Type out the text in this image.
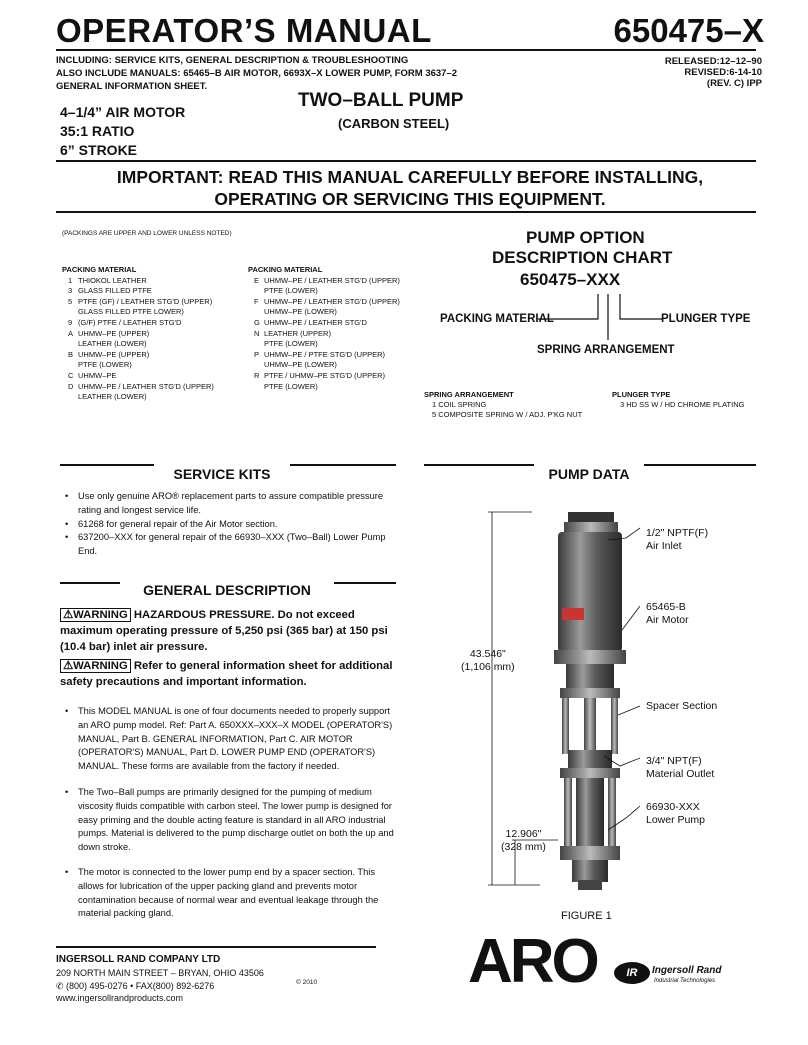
OPERATOR’S MANUAL	650475–X
INCLUDING: SERVICE KITS, GENERAL DESCRIPTION & TROUBLESHOOTING
ALSO INCLUDE MANUALS: 65465–B AIR MOTOR, 6693X–X LOWER PUMP, FORM 3637–2
GENERAL INFORMATION SHEET.
RELEASED:12–12–90
REVISED:6-14-10
(REV. C) IPP
4–1/4” AIR MOTOR
35:1 RATIO
6” STROKE
TWO–BALL PUMP
(CARBON STEEL)
IMPORTANT: READ THIS MANUAL CAREFULLY BEFORE INSTALLING,
OPERATING OR SERVICING THIS EQUIPMENT.
(PACKINGS ARE UPPER AND LOWER UNLESS NOTED)
PACKING MATERIAL
1 THIOKOL LEATHER
3 GLASS FILLED PTFE
5 PTFE (GF) / LEATHER STG'D (UPPER)
GLASS FILLED PTFE LOWER)
9 (G/F) PTFE / LEATHER STG'D
A UHMW–PE (UPPER)
LEATHER (LOWER)
B UHMW–PE (UPPER)
PTFE (LOWER)
C UHMW–PE
D UHMW–PE / LEATHER STG'D (UPPER)
LEATHER (LOWER)
PACKING MATERIAL
E UHMW–PE / LEATHER STG'D (UPPER)
PTFE (LOWER)
F UHMW–PE / LEATHER STG'D (UPPER)
UHMW–PE (LOWER)
G UHMW–PE / LEATHER STG'D
N LEATHER (UPPER)
PTFE (LOWER)
P UHMW–PE / PTFE STG'D (UPPER)
UHMW–PE (LOWER)
R PTFE / UHMW–PE STG'D (UPPER)
PTFE (LOWER)
PUMP OPTION
DESCRIPTION CHART
650475–XXX
PACKING MATERIAL	PLUNGER TYPE
SPRING ARRANGEMENT
SPRING ARRANGEMENT
1 COIL SPRING
5 COMPOSITE SPRING W / ADJ. P'KG NUT
PLUNGER TYPE
3 HD SS W / HD CHROME PLATING
SERVICE KITS
• Use only genuine ARO® replacement parts to assure compatible pressure rating and longest service life.
• 61268 for general repair of the Air Motor section.
• 637200–XXX for general repair of the 66930–XXX (Two–Ball) Lower Pump End.
GENERAL DESCRIPTION
⚠WARNING HAZARDOUS PRESSURE. Do not exceed maximum operating pressure of 5,250 psi (365 bar) at 150 psi (10.4 bar) inlet air pressure.
⚠WARNING Refer to general information sheet for additional safety precautions and important information.
• This MODEL MANUAL is one of four documents needed to properly support an ARO pump model. Ref: Part A. 650XXX–XXX–X MODEL (OPERATOR'S) MANUAL, Part B. GENERAL INFORMATION, Part C. AIR MOTOR (OPERATOR'S) MANUAL, Part D. LOWER PUMP END (OPERATOR'S) MANUAL. These forms are available from the factory if needed.
• The Two–Ball pumps are primarily designed for the pumping of medium viscosity fluids compatible with carbon steel. The lower pump is designed for easy priming and the double acting feature is standard in all ARO industrial pumps. Material is delivered to the pump discharge outlet on both the up and down stroke.
• The motor is connected to the lower pump end by a spacer section. This allows for lubrication of the upper packing gland and prevents motor contamination because of normal wear and eventual leakage through the material packing gland.
PUMP DATA
ARO
43.546"
(1,106 mm)
12.906"
(328 mm)
1/2" NPTF(F)
Air Inlet
65465-B
Air Motor
Spacer Section
3/4" NPT(F)
Material Outlet
66930-XXX
Lower Pump
FIGURE 1
INGERSOLL RAND COMPANY LTD
209 NORTH MAIN STREET – BRYAN, OHIO 43506
✆ (800) 495-0276 • FAX(800) 892-6276
www.ingersollrandproducts.com
© 2010 ARO	IR	Ingersoll Rand
Industrial Technologies
